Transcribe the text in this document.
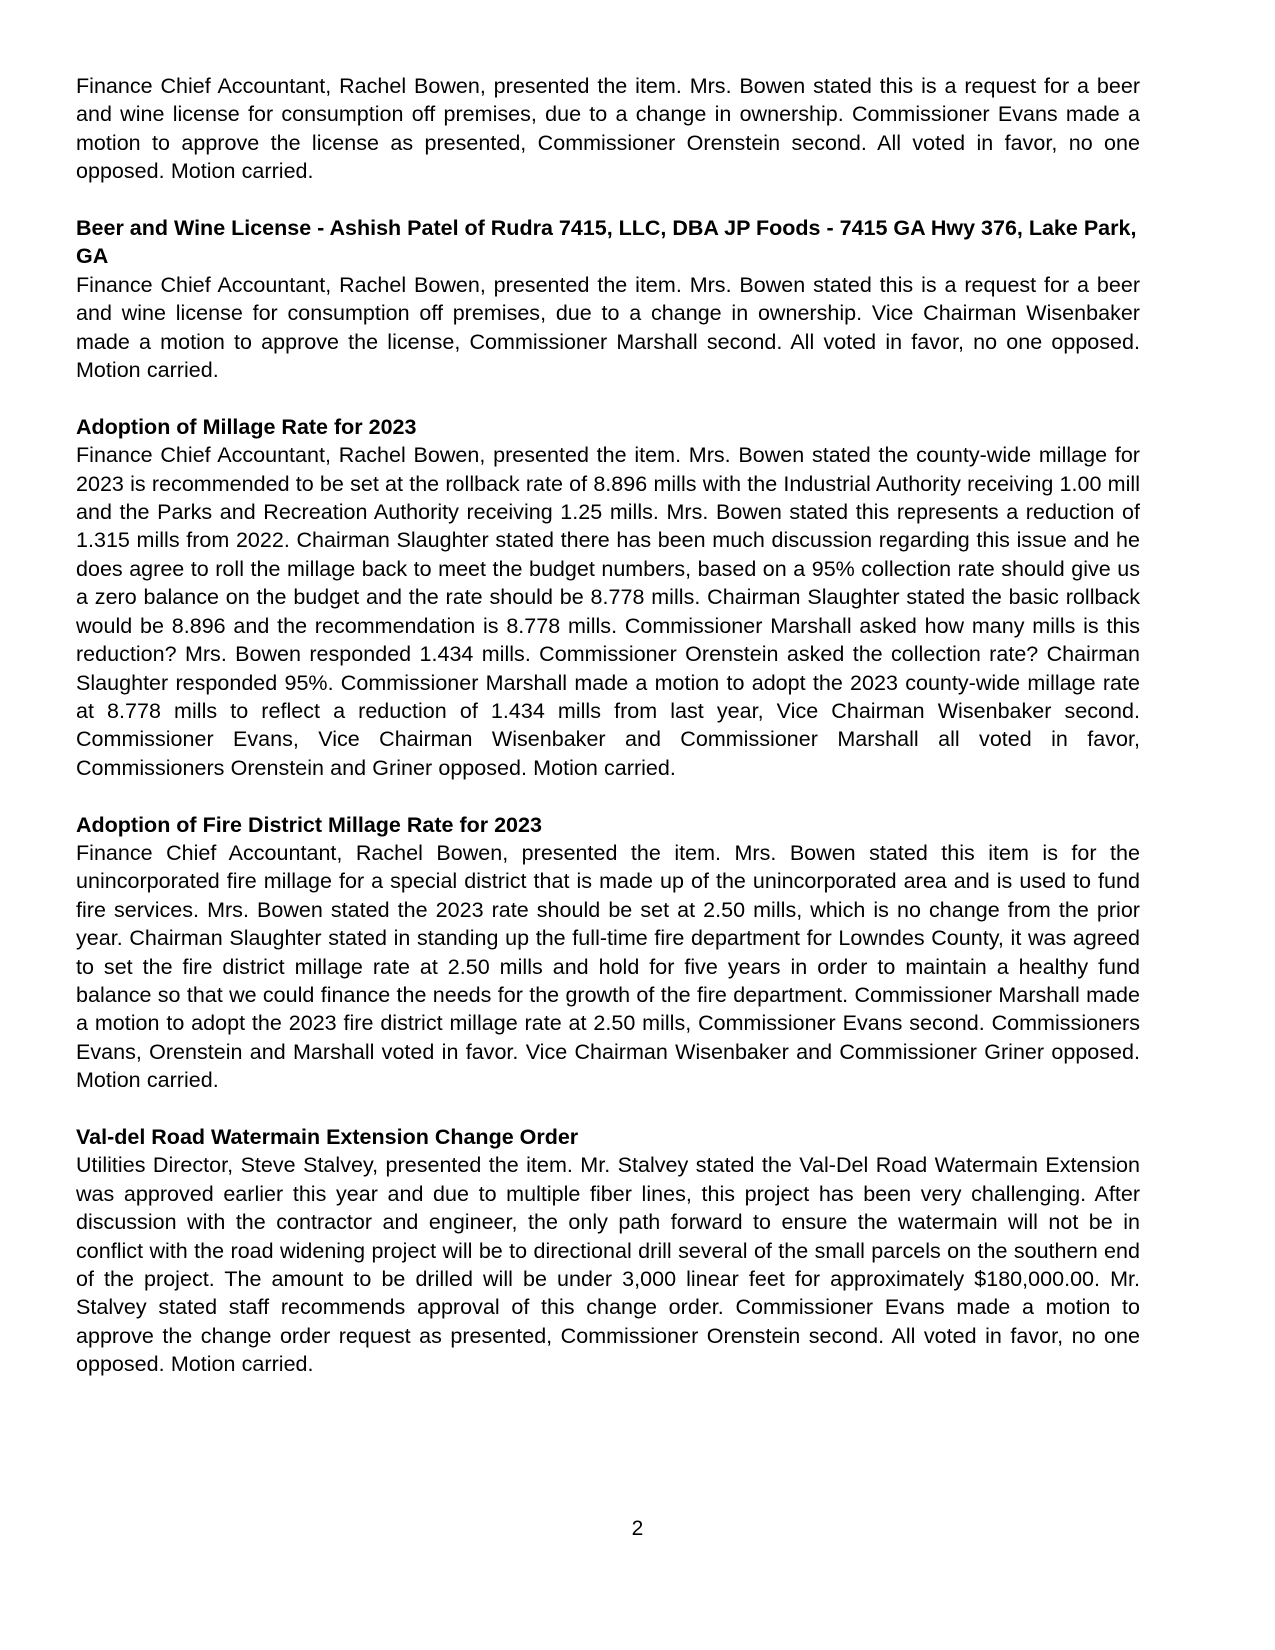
Finance Chief Accountant, Rachel Bowen, presented the item. Mrs. Bowen stated this is a request for a beer and wine license for consumption off premises, due to a change in ownership. Commissioner Evans made a motion to approve the license as presented, Commissioner Orenstein second. All voted in favor, no one opposed. Motion carried.

Beer and Wine License - Ashish Patel of Rudra 7415, LLC, DBA JP Foods - 7415 GA Hwy 376, Lake Park, GA

Finance Chief Accountant, Rachel Bowen, presented the item. Mrs. Bowen stated this is a request for a beer and wine license for consumption off premises, due to a change in ownership. Vice Chairman Wisenbaker made a motion to approve the license, Commissioner Marshall second. All voted in favor, no one opposed. Motion carried.

Adoption of Millage Rate for 2023

Finance Chief Accountant, Rachel Bowen, presented the item. Mrs. Bowen stated the county-wide millage for 2023 is recommended to be set at the rollback rate of 8.896 mills with the Industrial Authority receiving 1.00 mill and the Parks and Recreation Authority receiving 1.25 mills. Mrs. Bowen stated this represents a reduction of 1.315 mills from 2022. Chairman Slaughter stated there has been much discussion regarding this issue and he does agree to roll the millage back to meet the budget numbers, based on a 95% collection rate should give us a zero balance on the budget and the rate should be 8.778 mills. Chairman Slaughter stated the basic rollback would be 8.896 and the recommendation is 8.778 mills. Commissioner Marshall asked how many mills is this reduction? Mrs. Bowen responded 1.434 mills. Commissioner Orenstein asked the collection rate? Chairman Slaughter responded 95%. Commissioner Marshall made a motion to adopt the 2023 county-wide millage rate at 8.778 mills to reflect a reduction of 1.434 mills from last year, Vice Chairman Wisenbaker second. Commissioner Evans, Vice Chairman Wisenbaker and Commissioner Marshall all voted in favor, Commissioners Orenstein and Griner opposed. Motion carried.

Adoption of Fire District Millage Rate for 2023

Finance Chief Accountant, Rachel Bowen, presented the item. Mrs. Bowen stated this item is for the unincorporated fire millage for a special district that is made up of the unincorporated area and is used to fund fire services. Mrs. Bowen stated the 2023 rate should be set at 2.50 mills, which is no change from the prior year. Chairman Slaughter stated in standing up the full-time fire department for Lowndes County, it was agreed to set the fire district millage rate at 2.50 mills and hold for five years in order to maintain a healthy fund balance so that we could finance the needs for the growth of the fire department. Commissioner Marshall made a motion to adopt the 2023 fire district millage rate at 2.50 mills, Commissioner Evans second. Commissioners Evans, Orenstein and Marshall voted in favor. Vice Chairman Wisenbaker and Commissioner Griner opposed. Motion carried.

Val-del Road Watermain Extension Change Order

Utilities Director, Steve Stalvey, presented the item. Mr. Stalvey stated the Val-Del Road Watermain Extension was approved earlier this year and due to multiple fiber lines, this project has been very challenging. After discussion with the contractor and engineer, the only path forward to ensure the watermain will not be in conflict with the road widening project will be to directional drill several of the small parcels on the southern end of the project. The amount to be drilled will be under 3,000 linear feet for approximately $180,000.00. Mr. Stalvey stated staff recommends approval of this change order. Commissioner Evans made a motion to approve the change order request as presented, Commissioner Orenstein second. All voted in favor, no one opposed. Motion carried.

2
